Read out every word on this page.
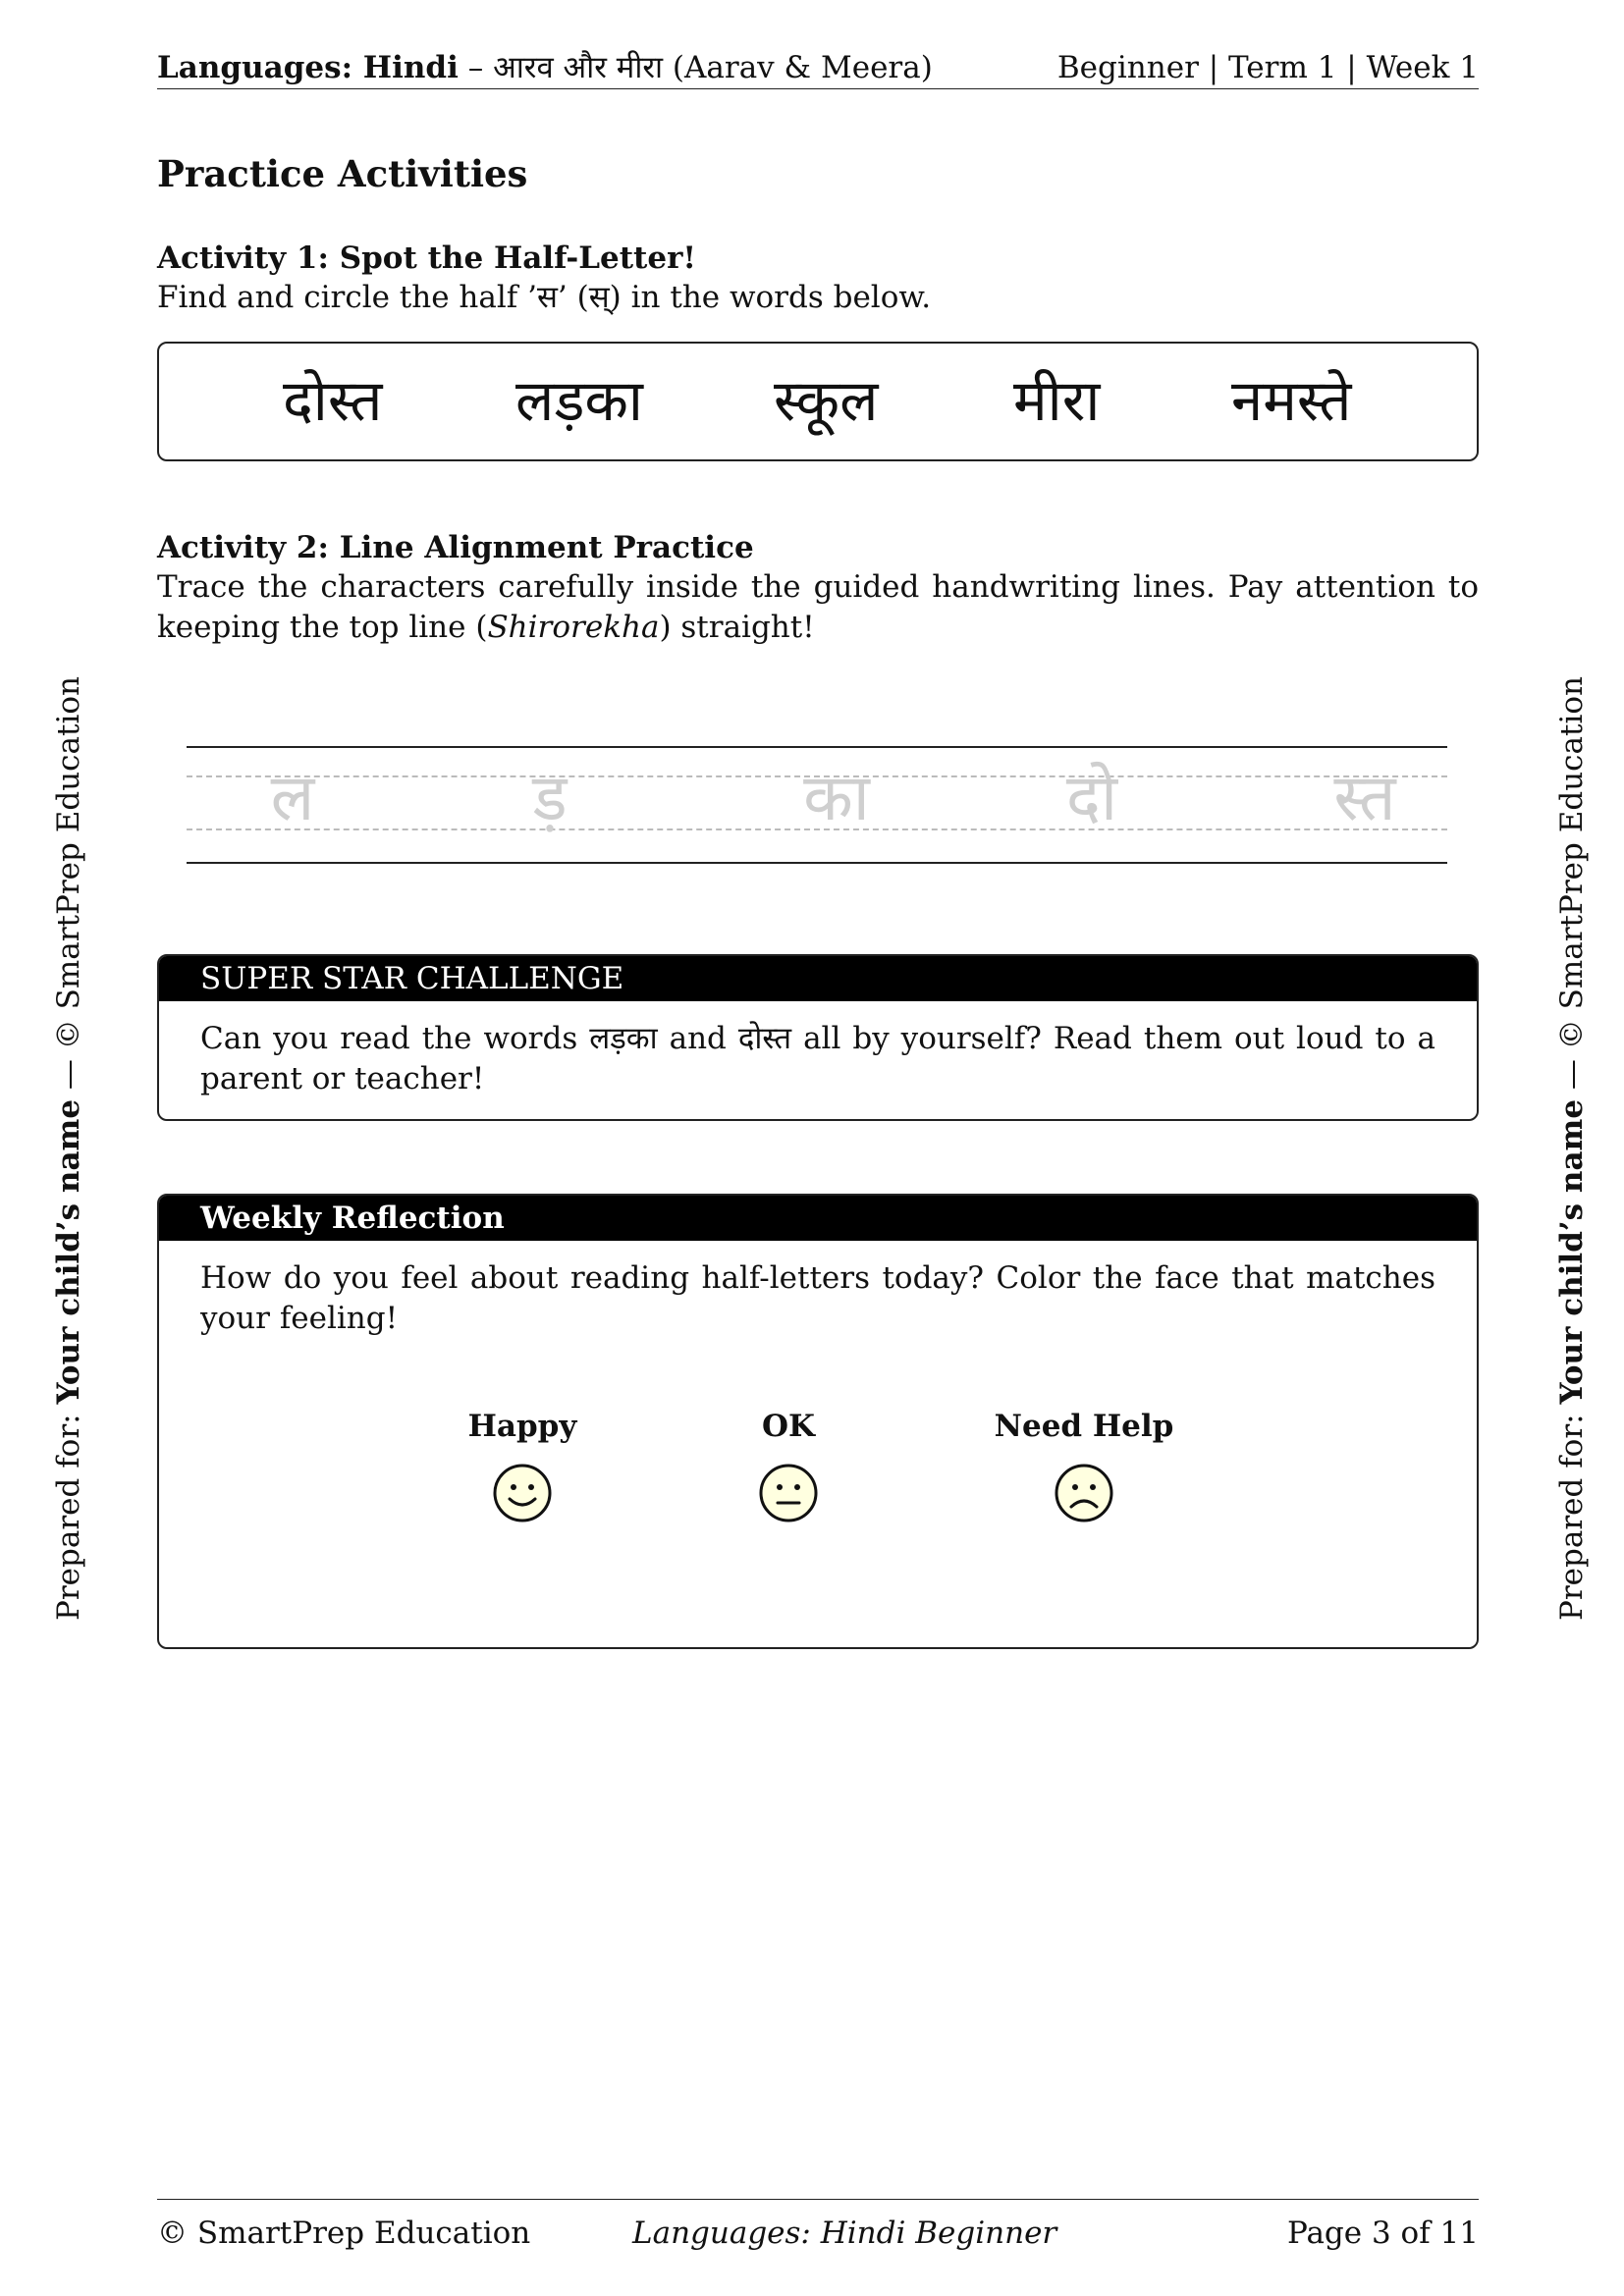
Languages: Hindi – आरव और मीरा (Aarav & Meera)	Beginner | Term 1 | Week 1
Prepared for: Your child’s name — © SmartPrep Education
Prepared for: Your child’s name — © SmartPrep Education
Practice Activities
Activity 1: Spot the Half-Letter!
Find and circle the half ’स’ (स्) in the words below.
दोस्त लड़का स्कूल मीरा नमस्ते
Activity 2: Line Alignment Practice
Trace the characters carefully inside the guided handwriting lines. Pay attention to keeping the top line (Shirorekha) straight!
ल	ड़	का	दो	स्त
SUPER STAR CHALLENGE
Can you read the words लड़का and दोस्त all by yourself? Read them out loud to a parent or teacher!
Weekly Reflection
How do you feel about reading half-letters today? Color the face that matches your feeling!
Happy	OK	Need Help
© SmartPrep Education	Languages: Hindi Beginner	Page 3 of 11
